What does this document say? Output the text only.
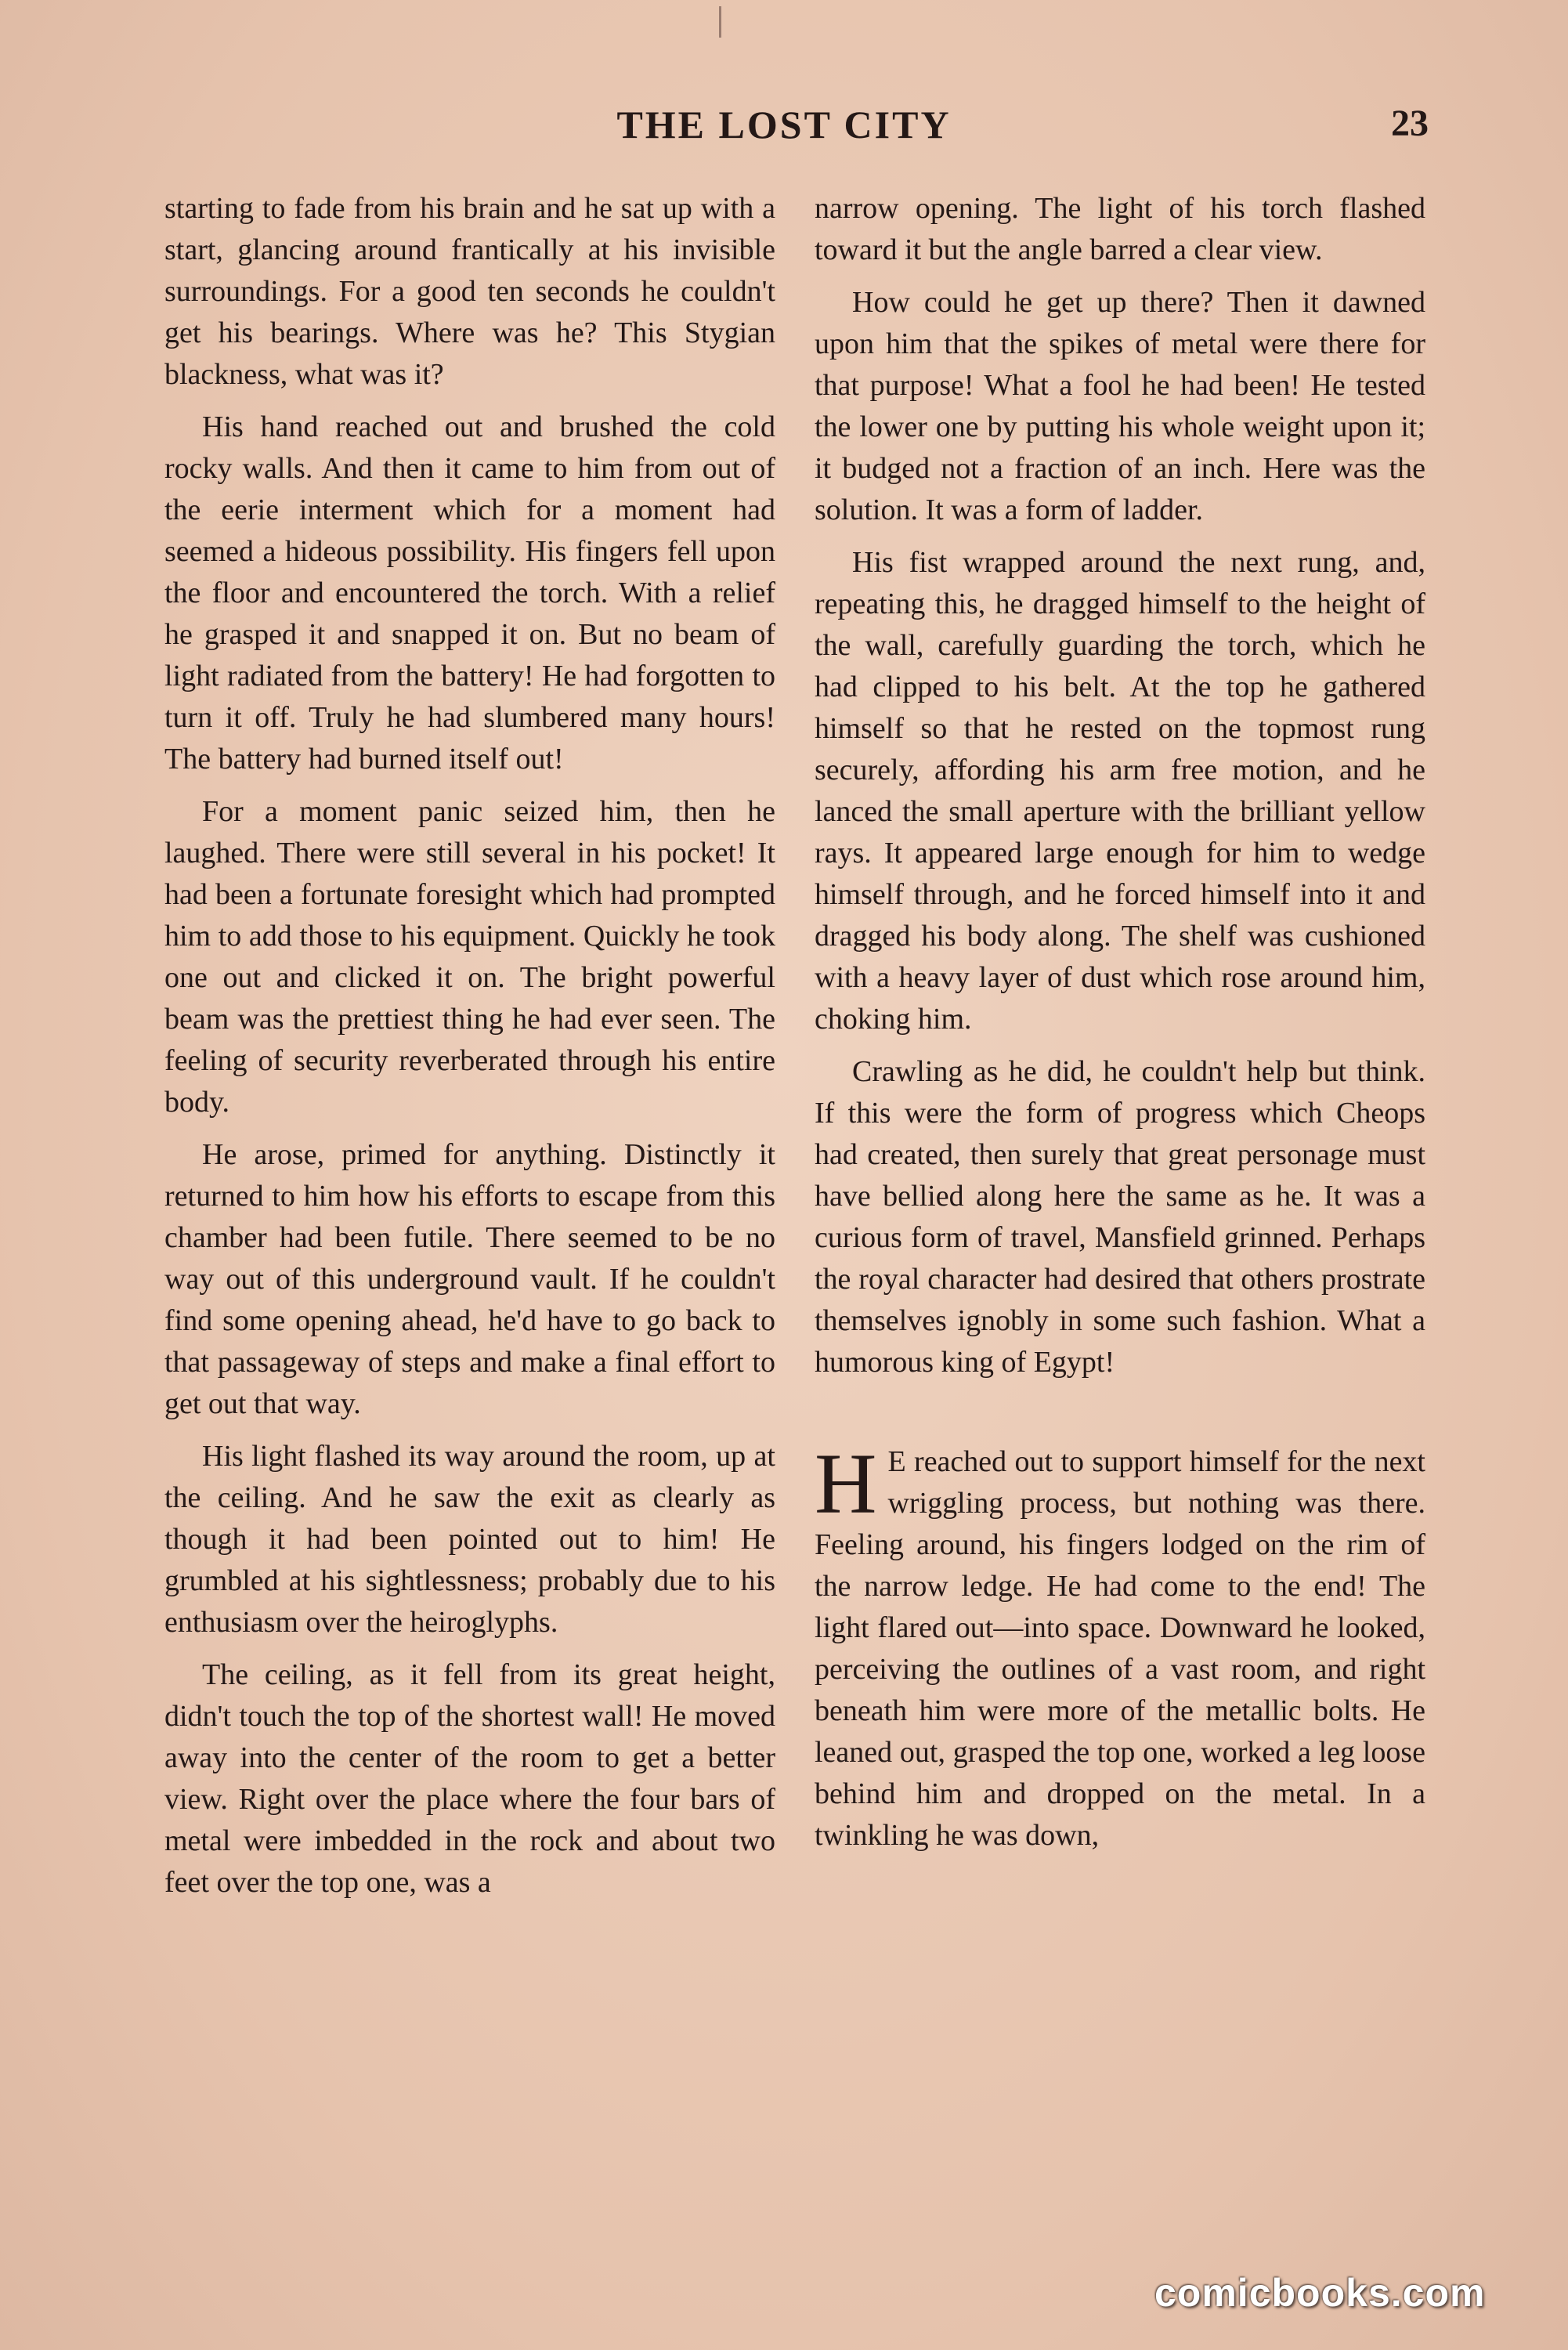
THE LOST CITY	23

starting to fade from his brain and he sat up with a start, glancing around frantically at his invisible surroundings. For a good ten seconds he couldn't get his bearings. Where was he? This Stygian blackness, what was it?

His hand reached out and brushed the cold rocky walls. And then it came to him from out of the eerie interment which for a moment had seemed a hideous possibility. His fingers fell upon the floor and encountered the torch. With a relief he grasped it and snapped it on. But no beam of light radiated from the battery! He had forgotten to turn it off. Truly he had slumbered many hours! The battery had burned itself out!

For a moment panic seized him, then he laughed. There were still several in his pocket! It had been a fortunate foresight which had prompted him to add those to his equipment. Quickly he took one out and clicked it on. The bright powerful beam was the prettiest thing he had ever seen. The feeling of security reverberated through his entire body.

He arose, primed for anything. Distinctly it returned to him how his efforts to escape from this chamber had been futile. There seemed to be no way out of this underground vault. If he couldn't find some opening ahead, he'd have to go back to that passageway of steps and make a final effort to get out that way.

His light flashed its way around the room, up at the ceiling. And he saw the exit as clearly as though it had been pointed out to him! He grumbled at his sightlessness; probably due to his enthusiasm over the heiroglyphs.

The ceiling, as it fell from its great height, didn't touch the top of the shortest wall! He moved away into the center of the room to get a better view. Right over the place where the four bars of metal were imbedded in the rock and about two feet over the top one, was a

narrow opening. The light of his torch flashed toward it but the angle barred a clear view.

How could he get up there? Then it dawned upon him that the spikes of metal were there for that purpose! What a fool he had been! He tested the lower one by putting his whole weight upon it; it budged not a fraction of an inch. Here was the solution. It was a form of ladder.

His fist wrapped around the next rung, and, repeating this, he dragged himself to the height of the wall, carefully guarding the torch, which he had clipped to his belt. At the top he gathered himself so that he rested on the topmost rung securely, affording his arm free motion, and he lanced the small aperture with the brilliant yellow rays. It appeared large enough for him to wedge himself through, and he forced himself into it and dragged his body along. The shelf was cushioned with a heavy layer of dust which rose around him, choking him.

Crawling as he did, he couldn't help but think. If this were the form of progress which Cheops had created, then surely that great personage must have bellied along here the same as he. It was a curious form of travel, Mansfield grinned. Perhaps the royal character had desired that others prostrate themselves ignobly in some such fashion. What a humorous king of Egypt!

H E reached out to support himself for the next wriggling process, but nothing was there. Feeling around, his fingers lodged on the rim of the narrow ledge. He had come to the end! The light flared out—into space. Downward he looked, perceiving the outlines of a vast room, and right beneath him were more of the metallic bolts. He leaned out, grasped the top one, worked a leg loose behind him and dropped on the metal. In a twinkling he was down,

comicbooks.com
